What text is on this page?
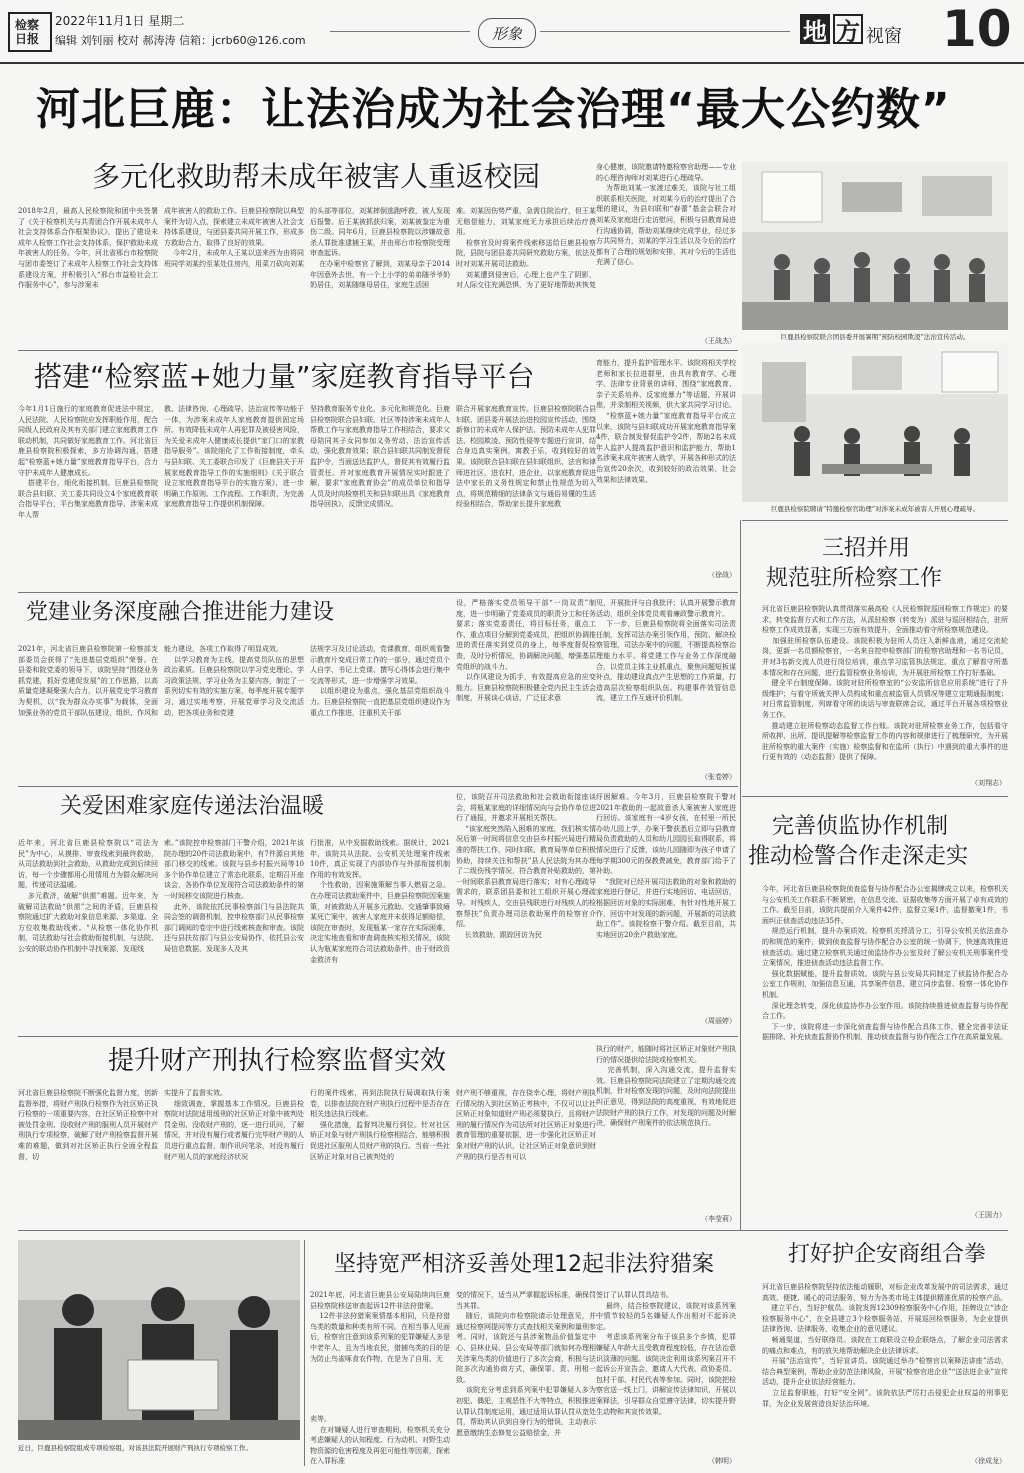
检察日报
2022年11月1日 星期二
编辑 刘钊丽 校对 郝涛涛 信箱：jcrb60@126.com	形象	地 方 视窗 10
河北巨鹿：让法治成为社会治理“最大公约数”
多元化救助帮未成年被害人重返校园
2018年2月，最高人民检察院和团中央签署了《关于检察机关与共青团合作开展未成年人社会支持体系合作框架协议》，提出了建设未成年人检察工作社会支持体系，保护救助未成年被害人的任务。今年，河北省邢台市检察院与团市委签订了未成年人检察工作社会支持体系建设方案，并积极引入“邢台市益检社会工作服务中心”，参与涉案未
成年被害人的救助工作。巨鹿县检察院以典型案件为切入点，探索建立未成年被害人社会支持体系建设，与团县委共同开展工作，形成多方救助合力，取得了良好的效果。
今年2月，未成年人王某以送来西为由将同班同学刘某约至某处住房内，用菜刀砍向刘某
的头部等部位，刘某摔倒逃跑呼救，被人发现后报警。后王某被抓获归案，刘某被鉴定为重伤二级。同年6月，巨鹿县检察院以涉嫌故意杀人罪批准逮捕王某，并由邢台市检察院受理审查起诉。
在办案中检察官了解到，刘某母亲于2014年因意外去世，有一个上小学的弟弟随爷爷奶奶居住，刘某随继母居住，家庭生活困
难。刘某因伤势严重，急需住院治疗，但王某无赔偿能力，刘某家庭无力承担后续治疗费用。
检察官及时将案件线索移送给巨鹿县检察院，县院与团县委共同研究救助方案，依法及时对刘某开展司法救助。
刘某遭到侵害后，心理上也产生了阴影，对人际交往充满恐惧，为了更好地帮助其恢复
身心健康，该院邀请特邀检察官助理——专业的心理咨询师对刘某进行心理疏导。
为帮助刘某一家渡过难关，该院与社工组织联系相关医院，对刘某今后的治疗提出了合理的建议，为县妇联和“春蕾”基金会联合对刘某及家庭进行走访慰问，积极与县教育局进行沟通协调，帮助刘某继续完成学业，经过多方共同努力，刘某的学习生活以及今后的治疗都有了合理的规划和安排，其对今后的生活也充满了信心。
（王战杰）	巨鹿县检察院联合团县委开展暑期“预防校园欺凌”法治宣传活动。
搭建“检察蓝+她力量”家庭教育指导平台
今年1月1日施行的家庭教育促进法中规定，人民法院、人民检察院应发挥职能作用，配合同级人民政府及其有关部门建立家庭教育工作联动机制，共同做好家庭教育工作。河北省巨鹿县检察院积极探索，多方协调沟通，搭建起“检察蓝+她力量”家庭教育指导平台，合力守护未成年人健康成长。
搭建平台，细化衔接机制。巨鹿县检察院联合县妇联、关工委共同设立4个家庭教育联合指导平台，平台集家庭教育指导、涉案未成年人帮
教、法律咨询、心理疏导、法治宣传等功能于一体，为涉案未成年人家庭教育提供固定场所。有效降低未成年人再犯罪及被侵害风险，为关爱未成年人健康成长提供“家门口的家教指导服务”。该院细化了工作衔接制度，牵头与县妇联、关工委联合印发了《巨鹿县关于开展家庭教育指导工作的实施细则》《关于联合设立家庭教育指导平台的实施方案》，进一步明确工作原则、工作流程、工作职责，为完善家庭教育指导工作提供机制保障。
坚持教育服务专业化、多元化和规范化。巨鹿县检察院联合县妇联、社区等持涉案未成年人帮教工作与家庭教育指导工作相结合，要求父母陪同其子女同参加义务劳动、法治宣传活动，强化教育效果；联合县妇联共同制发督促监护令，当面送达监护人，督促其有效履行监管责任。并对家庭教育开展情况实时跟进了解，要求“家庭教育协会”的成员单位和指导人员及时向检察机关和县妇联出具《家庭教育指导回执》，反馈完成情况。
联合开展家庭教育宣传。巨鹿县检察院联合县妇联、团县委开展法治进校园宣传活动，围绕新修订的未成年人保护法、预防未成年人犯罪法、校园欺凌、预防性侵等专题进行宣讲，结合身边真实案例，寓教于乐，收到较好的效果。该院联合县妇联在县妇联组织、法官和律师进社区，进农村，进企业，以家庭教育促进法中家长的义务性规定和禁止性规范为切入点，将规范精细的法律条文与通俗易懂的生活经验相结合，帮助家长提升家庭教
育能力，提升监护管理水平。该院将相关学校老师和家长拉进群里，由具有教育学、心理学、法律专业背景的讲师，围绕“家庭教育、亲子关系培养、反家庭暴力”等话题，开展讲座，并录制相关视频，供大家共同学习讨论。
“检察蓝+她力量”家庭教育指导平台成立以来，该院与县妇联成功开展家庭教育指导案4件，联合制发督促监护令2件，帮助2名未成年人监护人提高监护意识和监护能力，帮助1名涉案未成年被害人就学，开展各种形式的法治宣传20余次，收到较好的政治效果、社会效果和法律效果。
（徐战）
巨鹿县检察院聘请“特邀检察官助理”对涉案未成年被害人开展心理疏导。
三招并用
规范驻所检察工作
河北省巨鹿县检察院认真贯彻落实最高检《人民检察院巡回检察工作规定》的要求，转变监督方式和工作方法，从派驻检察（转变为）派驻与巡回相结合，驻所检察工作成效显著，实现三方面有效提升，全面推动看守所检察规范建设。
加强驻所检察队伍建设。该院积极为驻所人员注入新鲜血液，通过交流轮岗，更新一名员额检察官，一名来自控申检察部门的检察官助理和一名书记员，并对3名新交流人员进行岗位培训，重点学习监管执法规定，重点了解看守所基本情况和存在问题，进行监管检察业务培训，为开展驻所检察工作打好基础。
健全平台制度保障。该院对驻所检察室的“公安监所信息应用系统”进行了升级维护；与看守所就关押人员构成和重点被监管人员情况等建立定期通报制度；对日常监管制度，列席看守所的谈话与审查联席会议，通过平台开展各项检察业务工作。
推动建立驻所检察动态监督工作台账。该院对驻所检察业务工作，包括看守所收押、出所、提讯提解等检察监督工作的内容和规律进行了梳理研究，为开展驻所检察的重大案件（实施）检察监督和在监所（执行）中遇到的重大事件的进行更有效的（动态监督）提供了保障。
（刘翔志）
党建业务深度融合推进能力建设
2021年，河北省巨鹿县检察院第一检察部支部委员会获得了“先进基层党组织”荣誉。在县委和院党委的领导下，该院坚持“围绕业务抓党建，抓好党建促发展”的工作思路，以高质量党建凝聚强大合力，以开展党史学习教育为契机，以“我为群众办实事”为载体，全面加强业务的党员干部队伍建设，组织、作风和
能力建设，各项工作取得了明显成效。
以学习教育为主线，提高党员队伍的思想政治素质。巨鹿县检察院以学习党史理论、学习政策法规、学习业务为主要内容，制定了一系列切实有效的实施方案，每季度开展专题学习，通过实地考察，开展党章学习及交流活动，把各项业务和党建
法规学习及讨论活动，党课教育，组织观看警示教育片变成日常工作的一部分，通过党员个人自学、书记上党课、撰写心得体会进行集中交流等形式，进一步增强学习效果。
以组织建设为重点，强化基层党组织战斗力。巨鹿县检察院一直把基层党组织建设作为重点工作推进，注重机关干部
设，严格落实党员领导干部“一岗双责”制度，进一步明确了党委成员的职责分工和任务要求；落实党委责任，将目标任务，重点工作、重点项目分解到党委成员，把组织协调推进的责任落实到党员的身上，每季度督促检查，及时分析情况，协调解决问题，增强基层党组织的战斗力。
以作风建设为抓手，有效提高应急的应变能力。巨鹿县检察院积极健全党内民主生活会制度，开展谈心谈话，广泛征求意
见，开展批评与自我批评；认真开展警示教育活动，组织全体党员观看廉政警示教育片。
下一步，巨鹿县检察院将全面落实司法责任制，发挥司法办案引领作用，预防、解决检察管理，司法办案中的问题，不断提高检察治理能力水平。将党建工作与业务工作深度融合，以党员主体主业抓重点，聚焦问题短板谋补点，推动建设真点产生思想的工作质量，打造高层次检察组织队伍。构建事件效管信息流，建立工作互通评价机制。
（张卷婷）
关爱困难家庭传递法治温暖
近年来，河北省巨鹿县检察院以“司法为民”为中心，从摸排、审查线索到最终救助，从司法救助到社会救助，从救助完成到后续回访，每一个步骤都用心用情用力为群众解决问题，传递司法温暖。
多元救济，破解“供需”难题。近年来，为破解司法救助“供需”之间的矛盾，巨鹿县检察院通过扩大救助对象信息来源、多渠道、全方位收集救助线索。“从检察一体化协作机制，司法救助与社会救助衔接机制，与法院、公安的联动协作机制中寻找案源，发现线
索。”该院控申检察部门干警介绍，2021年该院办理的20件司法救助案中，有7件源自其他部门移交的线索。该院与县乡村振兴局等10多个协作单位建立了常态化联系，定期召开座谈会，各协作单位发现符合司法救助条件的第一时间移交该院进行核查。
此外，该院依托民事检察部门与县法院共同会签的调督机制，控申检察部门从民事检察部门调阅的卷宗中进行线索核查和审查。该院还与县扶贫部门与县公安局协作，依托县公安局信息数据，发现多人及其
行批准，从中发掘救助线索。据统计，2021年，该院共从法院、公安机关处理案件线索10件，真正实现了内部协作与外部衔接机制作用的有效发挥。
个性救助，因案施策解当事人燃眉之急。在办理司法救助案件中，巨鹿县检察院因案施策，对被救助人开展多元救助。交通肇事致瘫某死亡案中，被害人家庭并未获得足额赔偿，该院在审查时，发现瓶某一家存在实际困难，决定实地查看和审查调查核实相关情况，该院认为瓶某家庭符合司法救助条件，由于财政资金救济有
位，该院召开司法救助和社会救助衔接座谈会，将瓶某家庭的详细情况向与会协作单位进行了通报，并邀求开展相关帮扶。
“该家庭突然陷入困难的家庭，我们核实情况后第一时间将信息交由县乡村振兴局进行精准的帮扶工作，同时妇联、教育局等单位积极协助，持续关注和帮扶”县人民法院为其办理了二级伤残学情况，符合教育补贴救助的，第一时间联系县教育局进行落实；对有心理疏导需求的，联系团县委和社工组织开展心理疏导。对残疾人，交由县残联进行对残疾人的检察帮扶”负责办理司法救助案件的检察官介绍。
长效救助，跟踪回访为民
纾困解难。今年3月，巨鹿县检察院干警对2021年救助的一起故意杀人案被害人家庭进行回访。该家庭有一4岁女孩，在村里一所民办幼儿园上学，办案干警获悉后立即与县教育局负责救助的人员和幼儿园园长取得联系，将情况进行了反馈，该幼儿园随即为孩子申请了每学期300元的保教费减免，教育部门给予了补助。
“我院对已经开展司法救助的对象和救助的家庭进行登记，并进行实地回访、电话回访，根据回访对象的实际困难，有针对性地开展工作，回访中对发现的新问题，开展新的司法救助工作”。该院检察干警介绍。截至目前，共实地回访20余户救助家庭。
（周丽婷）
完善侦监协作机制
推动检警合作走深走实
今年，河北省巨鹿县检察院侦查监督与协作配合办公室揭牌成立以来，检察机关与公安机关工作联系不断紧密，在信息交流、证据收集等方面开展了卓有成效的工作。截至目前，该院共提前介入案件42件，监督立案1件，监督撤案1件，书面纠正侦查活动违法35件。
规范运行机制，提升办案质效。检察机关捋清分工，引导公安机关依法查办的和规范的案件，做到侦查监督与协作配合办公室的统一协调下，快速高效推进侦查活动。通过建立检察机关通过侦监协作办公室及时了解公安机关刑事案件受立案情况，推进侦查活动违法监督工作。
强化数据赋能，提升监督质效。该院与县公安局共同制定了侦监协作配合办公室工作规则，加强信息互通，共享案件信息，建立同步监督、检察一体化协作机制。
深化理念转变，深化侦监协作办公室作用。该院持续推进侦查监督与协作配合工作。
下一步，该院将进一步深化侦查监督与协作配合具体工作，健全完善非法证据排除、补充侦查监督协作机制，推动侦查监督与协作配合工作在高质量发展。
（王国力）
提升财产刑执行检察监督实效
河北省巨鹿县检察院不断强化监督力度，创新监督举措，将财产刑执行检察作为社区矫正执行检察的一项重要内容，在社区矫正检察中对被处罚金刑、没收财产刑的服刑人员开展财产刑执行专项检察，破解了财产刑检察监督开展难的难题，做到对社区矫正执行全面全程监督，切
实提升了监督实效。
细致调查，掌握基本工作情况。巨鹿县检察院对法院适用缓刑的社区矫正对象中被判处罚金刑、没收财产刑的，逐一进行讯问，了解情况，并对没有履行或者履行完毕财产刑的人员进行重点监督，制作讯问笔录，对没有履行财产刑人员的家庭经济状况
行的案件线索，再到法院执行局调取执行案卷，以排查法院在财产刑执行过程中是否存在相关违法执行线索。
强化措施，监督判决履行到位。针对社区矫正对象与财产刑执行检察相结合，能够积极促进社区服刑人员财产刑的执行。当前一些社区矫正对象对自己被判处的
财产刑不够重视，存在侥幸心理，将财产刑执行情况纳入到社区矫正考核中，不仅可以让社区矫正对象知道财产刑必须要执行，且将财产刑的履行情况作为司法所对社区矫正对象进行教育管理的重要依据，进一步强化社区矫正对象对财产刑的认识，让社区矫正对象意识到财产刑的执行是否有可以
执行的财产，能随时将社区矫正对象财产刑执行的情况提供给法院或检察机关。
完善机制，深入沟通交流，提升监督实效。巨鹿县检察院同法院建立了定期沟通交流机制，针对检察发现的问题，及时向法院提出纠正意见，得到法院的高度重视，有效地促进法院财产刑的执行工作，对发现的问题及时解决，确保财产刑案件的依法规范执行。
（李莹莉）
近日，巨鹿县检察院组成专项检察组，对该县法院开展财产刑执行专项检察工作。
坚持宽严相济妥善处理12起非法狩猎案
2021年底，河北省巨鹿县公安局陆续向巨鹿县检察院移送审查起诉12件非法狩猎案。
12件非法狩猎案案情基本相同，只是狩猎鸟类的数量和种类有所不同。在相当事人见面后，检察官注意到该系列案的犯罪嫌疑人多是中老年人，且为当地农民，猎捕鸟类的目的是为防止鸟雀啄食农作物，在是为了自用、无
卖等。
在对嫌疑人进行审查期间，检察机关充分考虑嫌疑人的认知程度、行为动机、对野生动物资源的危害程度及再犯可能性等因素，探索在入罪标准
变的情况下，适当从严掌握起诉标准，确保罚当其罪。
随后，该院向市检察院请示处理意见，并通过检察网提问等方式查找相关案例和量刑参考。同时，该院还与县涉案物品价值鉴定中心、县林业局、县公安局等部门就如何办理相关涉案鸟类的价值进行了多次会商，积极与法院多次沟通协商方式，确保罪、责、刑相一致。
该院充分考虑到系列案中犯罪嫌疑人多为初犯、偶犯，主观恶性不大等特点，积极推进认罪认罚制度运用，通过适用认罪认罚从宽处罚，帮助其认识到自身行为的错误，主动表示愿意缴纳生态修复公益赔偿金，并
签订了认罪认罚具结书。
最终，结合检察院建议，该院对该系列案中情节较轻的5名嫌疑人作出相对不起诉决定。
考虑该系列案分布于该县多个乡镇，犯罪嫌疑人年龄大且受教育程度较低，存在法治意识淡薄的问题。该院决定利用该系列案召开不起诉公开宣告会，邀请人大代表、政协委员、包村干部、村民代表等参加。同时，该院把检察官送一线上门，讲解宣传法律知识，开展以案释法，引导群众自觉遵守法律，切实提升野生动物和其宣传效果。
（韩明）
打好护企安商组合拳
河北省巨鹿县检察院坚持依法能动履职，对标企业改革发展中的司法需求，通过高效、便捷、暖心的司法服务，努力为各类市场主体提供精准优质的检察产品。
建立平台，当好护航员。该院发挥12309检察服务中心作用，挂牌设立“涉企检察服务中心”，在全县建立3个检察服务站，开展巡回检察服务，为企业提供法律咨询、法律服务，收集企业的意见建议。
畅通渠道，当好联络员。该院在工商联设立检企联络点，了解企业司法需求的痛点和难点，有的放矢地帮助解决企业法律诉求。
开展“法治宣传”，当好宣讲员。该院通过举办“检察官以案释法讲座”活动，结合典型案例，帮助企业防范法律风险，开展“检察官进企业”“送法进企业”宣传活动，提升企业依法经营能力。
立足监督职能，打好“安全网”。该院依法严厉打击侵犯企业权益的刑事犯罪，为企业发展营造良好法治环境。
（徐成龙）
